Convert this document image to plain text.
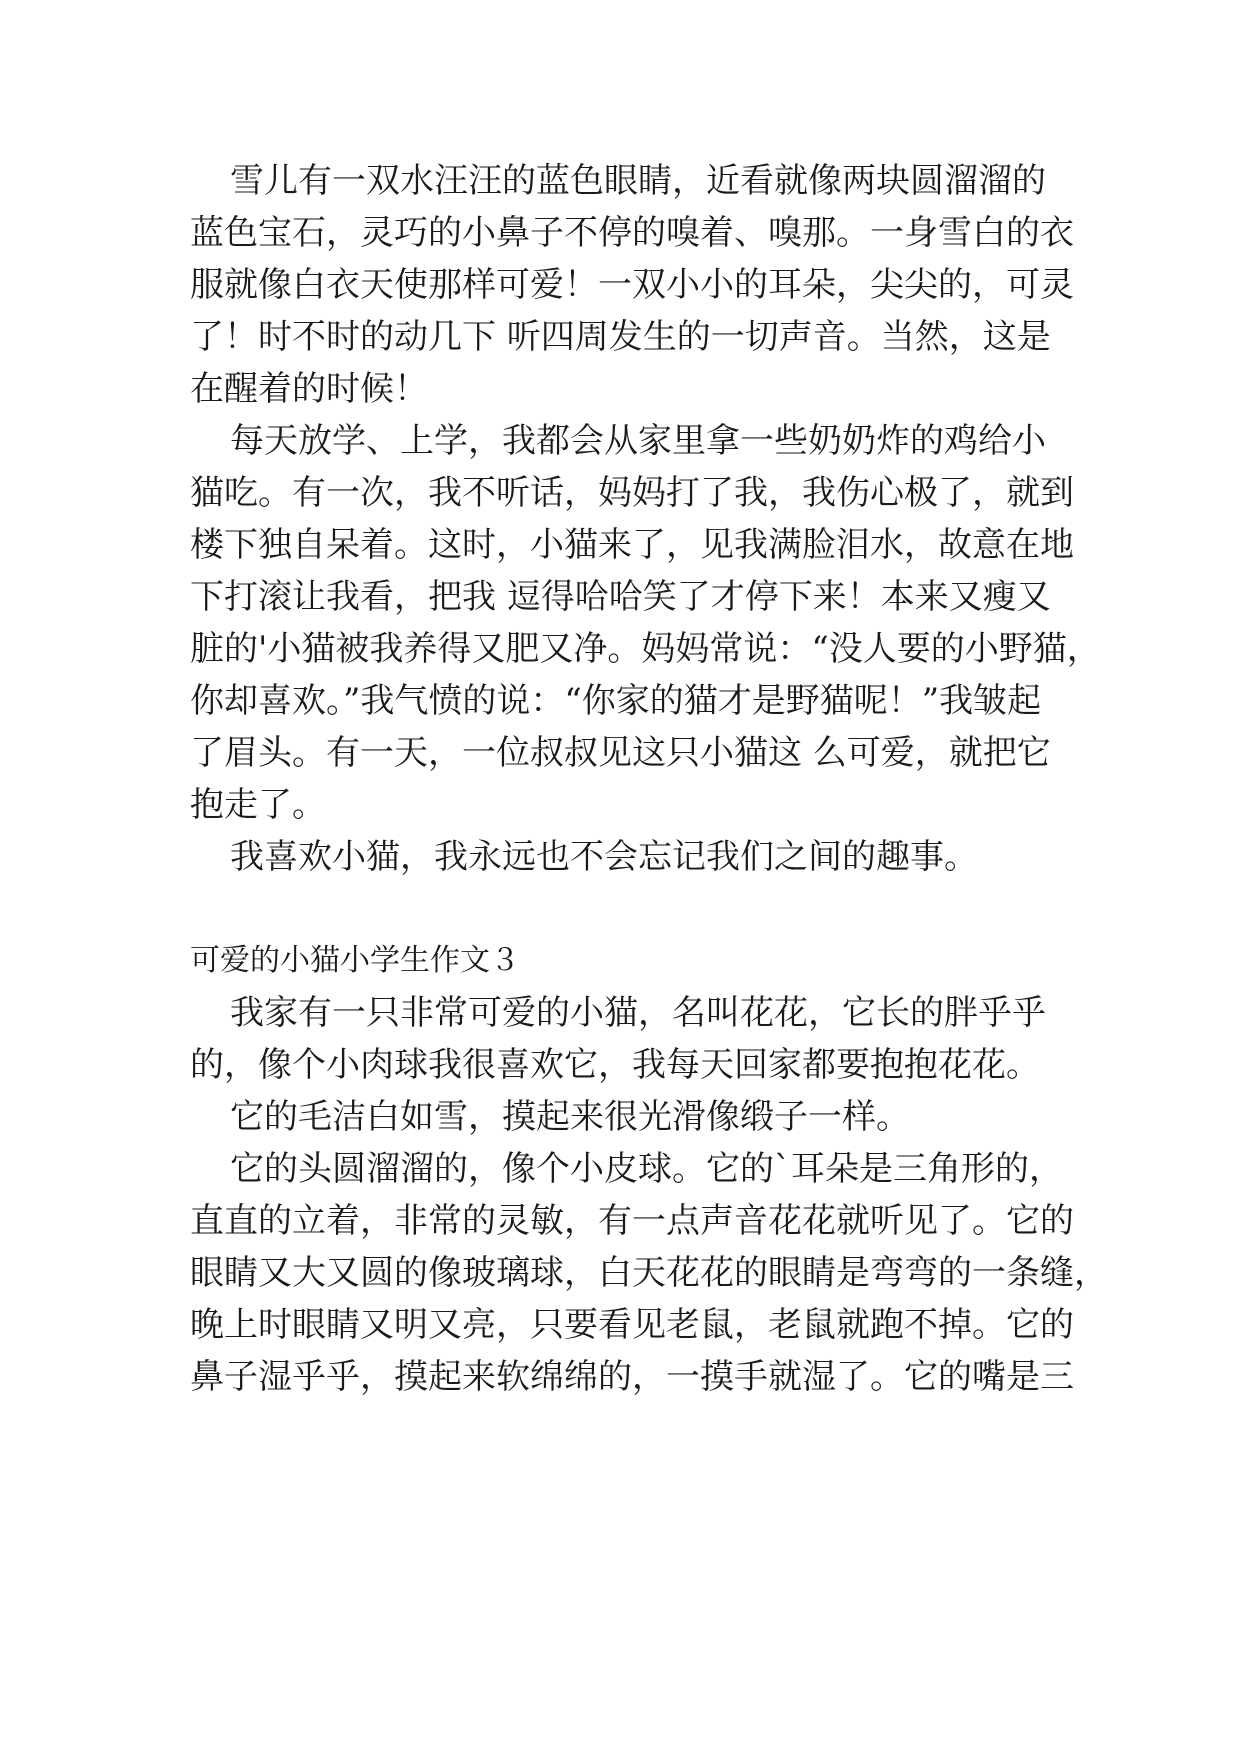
雪儿有一双水汪汪的蓝色眼睛，近看就像两块圆溜溜的
蓝色宝石，灵巧的小鼻子不停的嗅着、嗅那。一身雪白的衣
服就像白衣天使那样可爱！一双小小的耳朵，尖尖的，可灵
了！时不时的动几下 听四周发生的一切声音。当然，这是
在醒着的时候！
每天放学、上学，我都会从家里拿一些奶奶炸的鸡给小
猫吃。有一次，我不听话，妈妈打了我，我伤心极了，就到
楼下独自呆着。这时，小猫来了，见我满脸泪水，故意在地
下打滚让我看，把我 逗得哈哈笑了才停下来！本来又瘦又
脏的'小猫被我养得又肥又净。妈妈常说：“没人要的小野猫，
你却喜欢。”我气愤的说：“你家的猫才是野猫呢！”我皱起
了眉头。有一天，一位叔叔见这只小猫这 么可爱，就把它
抱走了。
我喜欢小猫，我永远也不会忘记我们之间的趣事。
可爱的小猫小学生作文３
我家有一只非常可爱的小猫，名叫花花，它长的胖乎乎
的，像个小肉球我很喜欢它，我每天回家都要抱抱花花。
它的毛洁白如雪，摸起来很光滑像缎子一样。
它的头圆溜溜的，像个小皮球。它的`耳朵是三角形的，
直直的立着，非常的灵敏，有一点声音花花就听见了。它的
眼睛又大又圆的像玻璃球，白天花花的眼睛是弯弯的一条缝，
晚上时眼睛又明又亮，只要看见老鼠，老鼠就跑不掉。它的
鼻子湿乎乎，摸起来软绵绵的，一摸手就湿了。它的嘴是三
